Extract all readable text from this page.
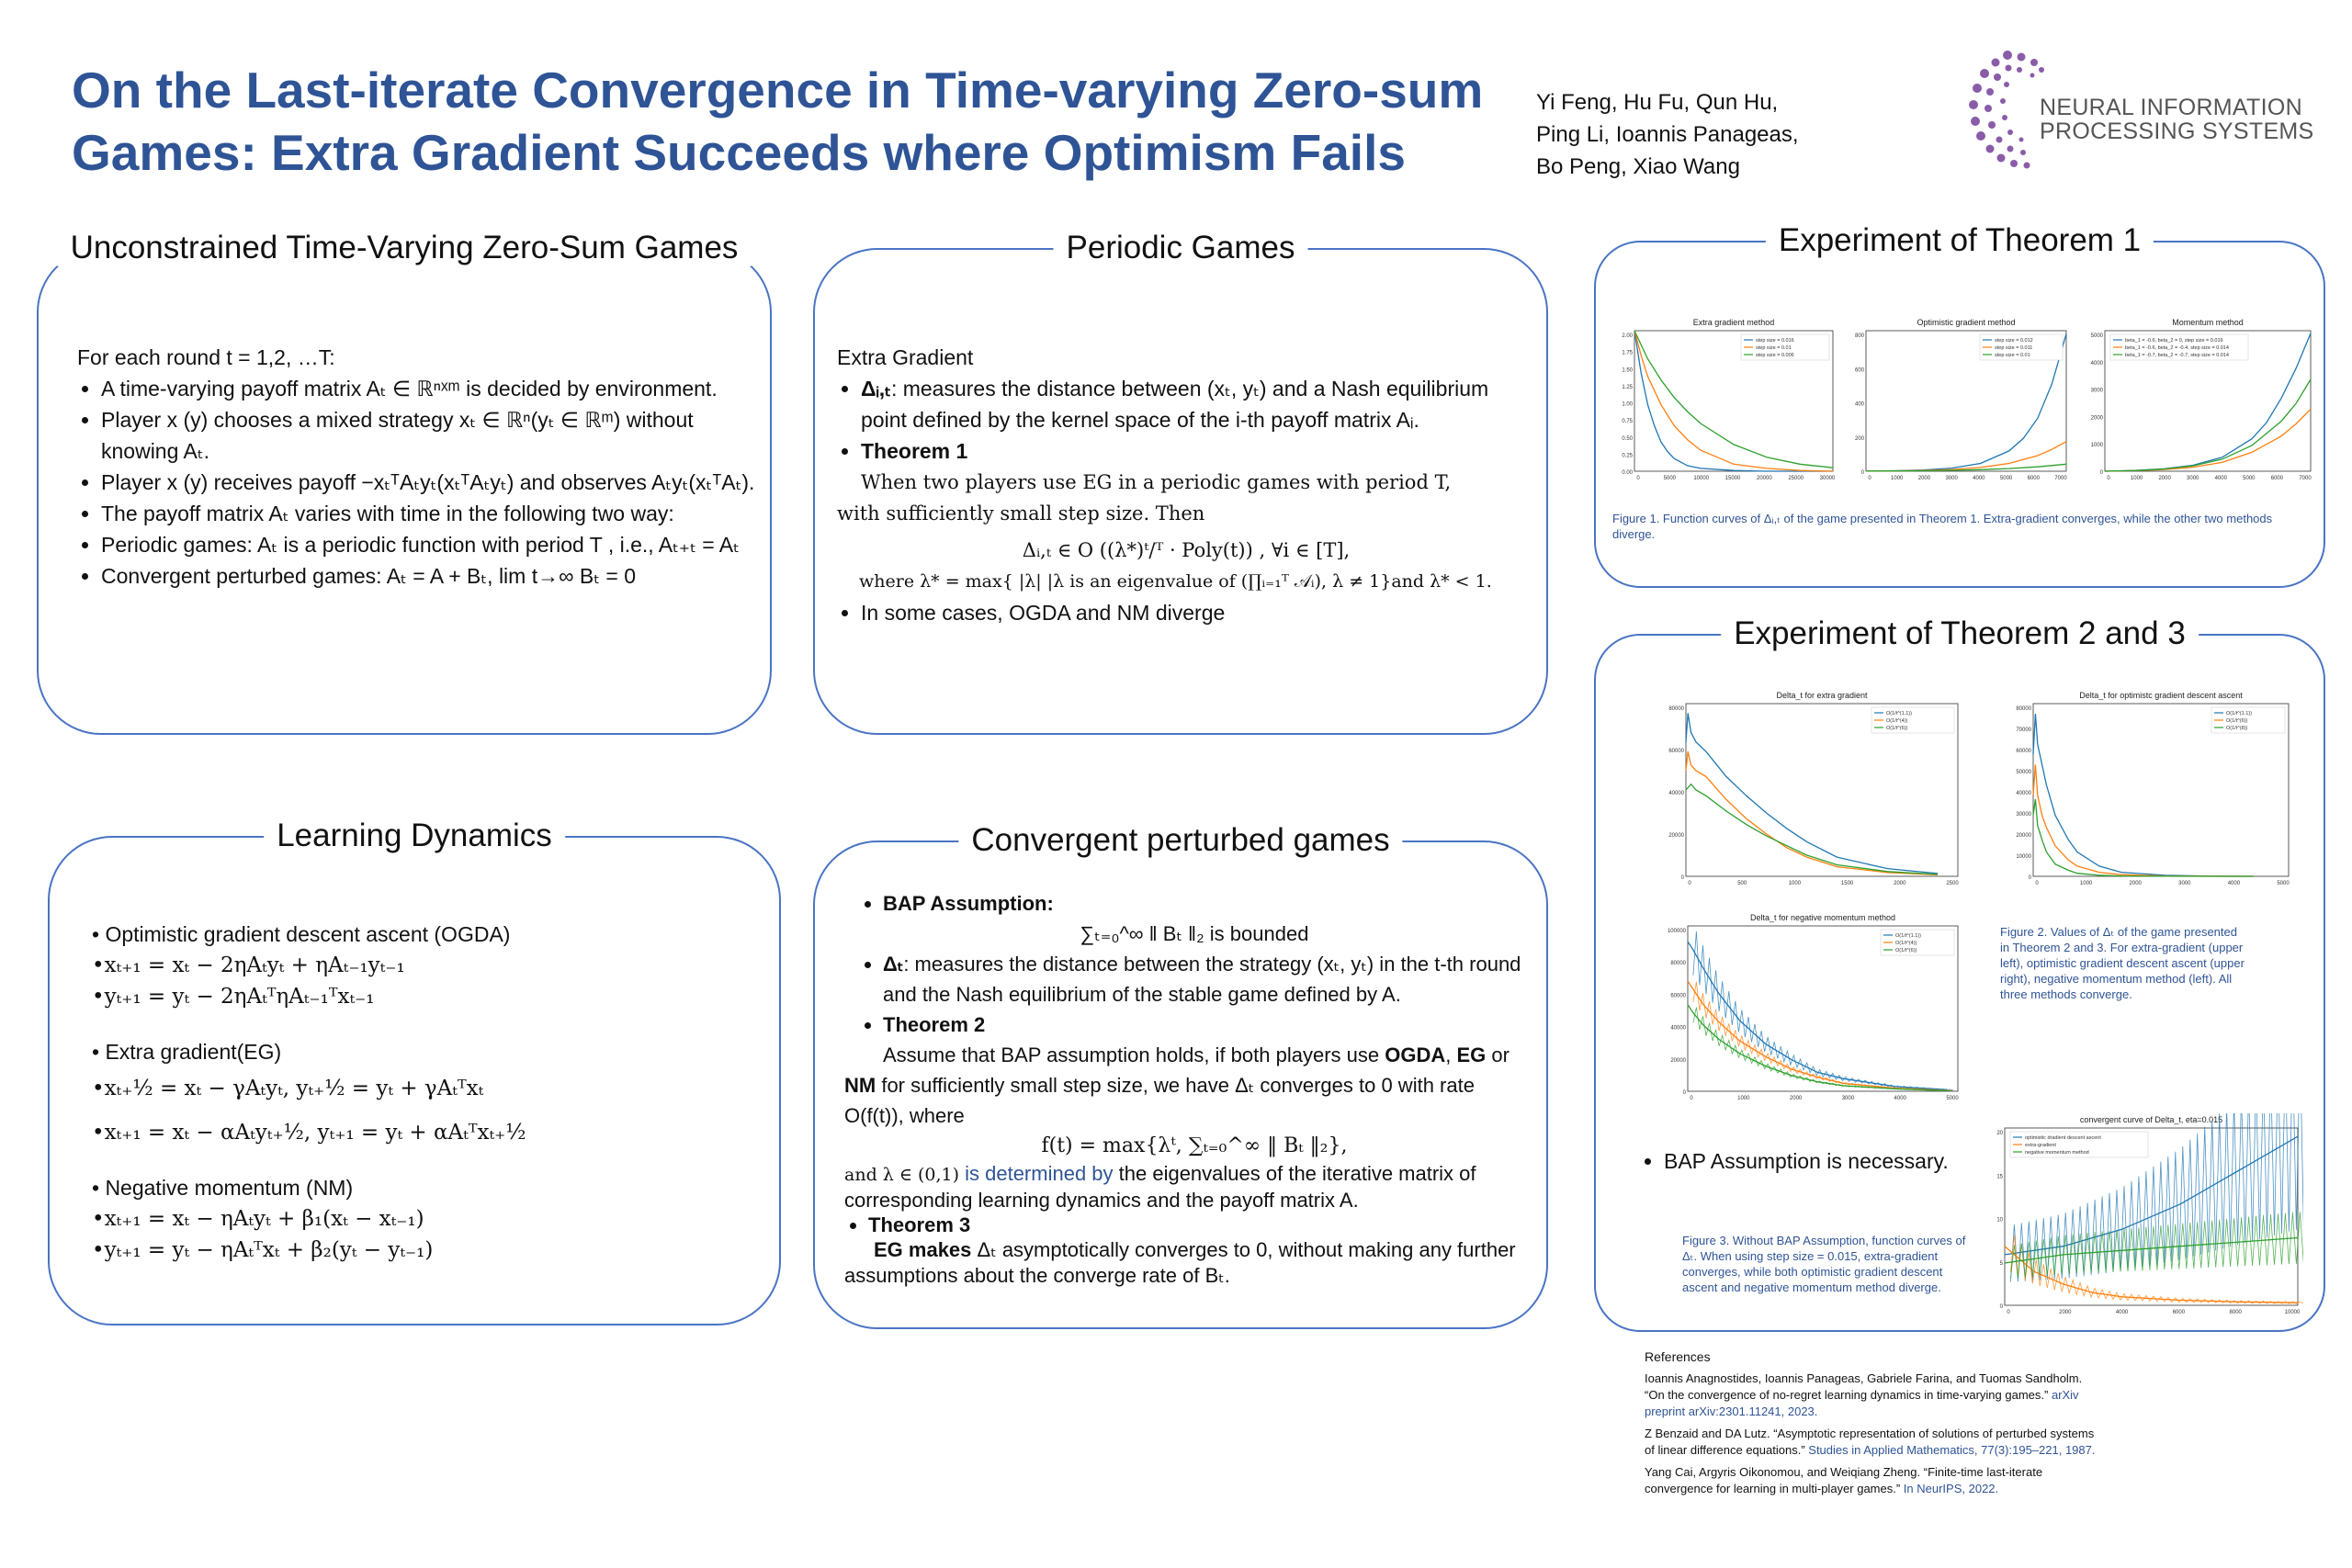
On the Last-iterate Convergence in Time-varying Zero-sum
Games: Extra Gradient Succeeds where Optimism Fails
Yi Feng, Hu Fu, Qun Hu,
Ping Li, Ioannis Panageas,
Bo Peng, Xiao Wang
NEURAL INFORMATION
PROCESSING SYSTEMS
Unconstrained Time-Varying Zero-Sum Games
For each round t = 1,2, …T:
• A time-varying payoff matrix Aₜ ∈ ℝⁿˣᵐ is decided by environment.
• Player x (y) chooses a mixed strategy xₜ ∈ ℝⁿ(yₜ ∈ ℝᵐ) without knowing Aₜ.
• Player x (y) receives payoff −xₜᵀAₜyₜ(xₜᵀAₜyₜ) and observes Aₜyₜ(xₜᵀAₜ).
• The payoff matrix Aₜ varies with time in the following two way:
• Periodic games: Aₜ is a periodic function with period T , i.e., Aₜ₊ₜ = Aₜ
• Convergent perturbed games: Aₜ = A + Bₜ, lim t→∞ Bₜ = 0
Periodic Games
Extra Gradient
• Δᵢ,ₜ: measures the distance between (xₜ, yₜ) and a Nash equilibrium point defined by the kernel space of the i-th payoff matrix Aᵢ.
• Theorem 1
When two players use EG in a periodic games with period T,
with sufficiently small step size. Then
Δᵢ,ₜ ∈ O ((λ*)ᵗ/ᵀ · Poly(t)) , ∀i ∈ [T],
where λ* = max{ |λ| |λ is an eigenvalue of (∏ᵢ₌₁ᵀ 𝒜ᵢ), λ ≠ 1}and λ* < 1.
• In some cases, OGDA and NM diverge
Learning Dynamics
• Optimistic gradient descent ascent (OGDA)
•xₜ₊₁ = xₜ − 2ηAₜyₜ + ηAₜ₋₁yₜ₋₁
•yₜ₊₁ = yₜ − 2ηAₜᵀηAₜ₋₁ᵀxₜ₋₁
• Extra gradient(EG)
•xₜ₊½ = xₜ − γAₜyₜ, yₜ₊½ = yₜ + γAₜᵀxₜ
•xₜ₊₁ = xₜ − αAₜyₜ₊½, yₜ₊₁ = yₜ + αAₜᵀxₜ₊½
• Negative momentum (NM)
•xₜ₊₁ = xₜ − ηAₜyₜ + β₁(xₜ − xₜ₋₁)
•yₜ₊₁ = yₜ − ηAₜᵀxₜ + β₂(yₜ − yₜ₋₁)
Convergent perturbed games
• BAP Assumption:
∑ₜ₌₀^∞ ‖ Bₜ ‖₂ is bounded
• Δₜ: measures the distance between the strategy (xₜ, yₜ) in the t-th round and the Nash equilibrium of the stable game defined by A.
• Theorem 2
Assume that BAP assumption holds, if both players use OGDA, EG or NM for sufficiently small step size, we have Δₜ converges to 0 with rate O(f(t)), where
f(t) = max{λᵗ, ∑ₜ₌₀^∞ ‖ Bₜ ‖₂},
and λ ∈ (0,1) is determined by the eigenvalues of the iterative matrix of corresponding learning dynamics and the payoff matrix A.
• Theorem 3
EG makes Δₜ asymptotically converges to 0, without making any further assumptions about the converge rate of Bₜ.
Experiment of Theorem 1
Extra gradient method
2.00
1.75
1.50
1.25
1.00
0.75
0.50
0.25
0.00
0	5000	10000	15000	20000	25000	30000
step size = 0.016
step size = 0.01
step size = 0.006
Optimistic gradient method
800
600
400
200
0
0	1000	2000	3000	4000	5000	6000	7000
step size = 0.012
step size = 0.011
step size = 0.01
Momentum method
5000
4000
3000
2000
1000
0
0	1000	2000	3000	4000	5000	6000	7000
beta_1 = -0.6, beta_2 = 0, step size = 0.016
beta_1 = -0.6, beta_2 = -0.4, step size = 0.014
beta_1 = -0.7, beta_2 = -0.7, step size = 0.014
Figure 1. Function curves of Δᵢ,ₜ of the game presented in Theorem 1. Extra-gradient converges, while the other two methods diverge.
Experiment of Theorem 2 and 3
Delta_t for extra gradient
80000
60000
40000
20000
0
0	500	1000	1500	2000	2500
O(1/t^(1.1))
O(1/t^(4))
O(1/t^(6))
Delta_t for optimistc gradient descent ascent
80000
70000
60000
50000
40000
30000
20000
10000
0
0	1000	2000	3000	4000	5000
O(1/t^(1.1))
O(1/t^(6))
O(1/t^(8))
Delta_t for negative momentum method
100000
80000
60000
40000
20000
0
0	1000	2000	3000	4000	5000
O(1/t^(1.1))
O(1/t^(4))
O(1/t^(6))
convergent curve of Delta_t, eta=0.015
20
15
10
5
0
0	2000	4000	6000	8000	10000
optimistic dradient descent ascent
extra-gradient
negative momentum method
Figure 2. Values of Δₜ of the game presented in Theorem 2 and 3. For extra-gradient (upper left), optimistic gradient descent ascent (upper right), negative momentum method (left). All three methods converge.
• BAP Assumption is necessary.
Figure 3. Without BAP Assumption, function curves of Δₜ. When using step size = 0.015, extra-gradient converges, while both optimistic gradient descent ascent and negative momentum method diverge.
References

Ioannis Anagnostides, Ioannis Panageas, Gabriele Farina, and Tuomas Sandholm. “On the convergence of no-regret learning dynamics in time-varying games.” arXiv preprint arXiv:2301.11241, 2023.

Z Benzaid and DA Lutz. “Asymptotic representation of solutions of perturbed systems of linear difference equations.” Studies in Applied Mathematics, 77(3):195–221, 1987.

Yang Cai, Argyris Oikonomou, and Weiqiang Zheng. “Finite-time last-iterate convergence for learning in multi-player games.” In NeurIPS, 2022.
